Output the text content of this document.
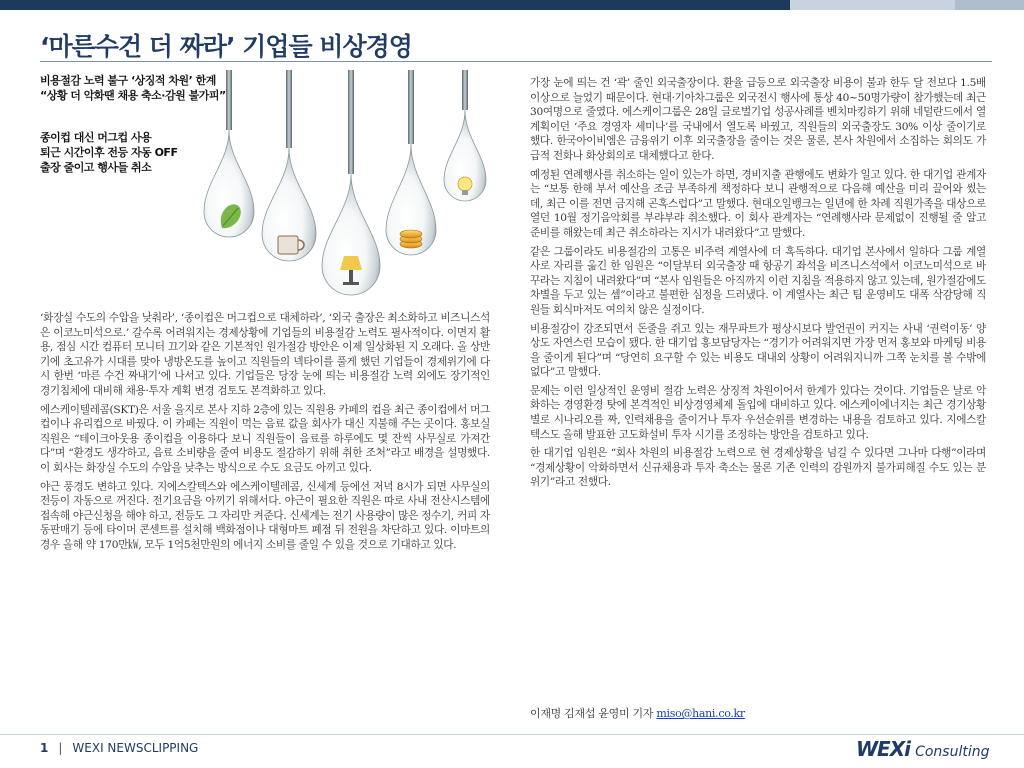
‘마른수건 더 짜라’ 기업들 비상경영
비용절감 노력 불구 ‘상징적 차원’ 한계
“상황 더 악화땐 채용 축소·감원 불가피”
종이컵 대신 머그컵 사용
퇴근 시간이후 전등 자동 OFF
출장 줄이고 행사들 취소

‘화장실 수도의 수압을 낮춰라’, ‘종이컵은 머그컵으로 대체하라’, ‘외국 출장은 최소화하고 비즈니스석은 이코노미석으로.’ 갈수록 어려워지는 경제상황에 기업들의 비용절감 노력도 필사적이다. 이면지 활용, 점심 시간 컴퓨터 모니터 끄기와 같은 기본적인 원가절감 방안은 이제 일상화된 지 오래다. 올 상반기에 초고유가 시대를 맞아 냉방온도를 높이고 직원들의 넥타이를 풀게 했던 기업들이 경제위기에 다시 한번 ‘마른 수건 짜내기’에 나서고 있다. 기업들은 당장 눈에 띄는 비용절감 노력 외에도 장기적인 경기침체에 대비해 채용·투자 계획 변경 검토도 본격화하고 있다.

에스케이텔레콤(SKT)은 서울 을지로 본사 지하 2층에 있는 직원용 카페의 컵을 최근 종이컵에서 머그컵이나 유리컵으로 바꿨다. 이 카페는 직원이 먹는 음료 값을 회사가 대신 지불해 주는 곳이다. 홍보실 직원은 “테이크아웃용 종이컵을 이용하다 보니 직원들이 음료를 하루에도 몇 잔씩 사무실로 가져간다”며 “환경도 생각하고, 음료 소비량을 줄여 비용도 절감하기 위해 취한 조처”라고 배경을 설명했다. 이 회사는 화장실 수도의 수압을 낮추는 방식으로 수도 요금도 아끼고 있다.

야근 풍경도 변하고 있다. 지에스칼텍스와 에스케이텔레콤, 신세계 등에선 저녁 8시가 되면 사무실의 전등이 자동으로 꺼진다. 전기요금을 아끼기 위해서다. 야근이 필요한 직원은 따로 사내 전산시스템에 접속해 야근신청을 해야 하고, 전등도 그 자리만 켜준다. 신세계는 전기 사용량이 많은 정수기, 커피 자동판매기 등에 타이머 콘센트를 설치해 백화점이나 대형마트 폐점 뒤 전원을 차단하고 있다. 이마트의 경우 올해 약 170만㎾, 모두 1억5천만원의 에너지 소비를 줄일 수 있을 것으로 기대하고 있다.

가장 눈에 띄는 건 ‘곽’ 줄인 외국출장이다. 환율 급등으로 외국출장 비용이 불과 한두 달 전보다 1.5배 이상으로 늘었기 때문이다. 현대·기아차그룹은 외국전시 행사에 통상 40~50명가량이 참가했는데 최근 30여명으로 줄였다. 에스케이그룹은 28일 글로벌기업 성공사례를 벤치마킹하기 위해 네덜란드에서 열 계획이던 ‘주요 경영자 세미나’를 국내에서 열도록 바꿨고, 직원들의 외국출장도 30% 이상 줄이기로 했다. 한국아이비엠은 금융위기 이후 외국출장을 줄이는 것은 물론, 본사 차원에서 소집하는 회의도 가급적 전화나 화상회의로 대체했다고 한다.

예정된 연례행사를 취소하는 일이 있는가 하면, 경비지출 관행에도 변화가 일고 있다. 한 대기업 관계자는 “보통 한해 부서 예산을 조금 부족하게 책정하다 보니 관행적으로 다음해 예산을 미리 끌어와 썼는데, 최근 이를 전면 금지해 곤혹스럽다”고 말했다. 현대오일뱅크는 일년에 한 차례 직원가족을 대상으로 열던 10월 정기음악회를 부랴부랴 취소했다. 이 회사 관계자는 “연례행사라 문제없이 진행될 줄 알고 준비를 해왔는데 최근 취소하라는 지시가 내려왔다”고 말했다.

같은 그룹이라도 비용절감의 고통은 비주력 계열사에 더 혹독하다. 대기업 본사에서 일하다 그룹 계열사로 자리를 옮긴 한 임원은 “이달부터 외국출장 때 항공기 좌석을 비즈니스석에서 이코노미석으로 바꾸라는 지침이 내려왔다”며 “본사 임원들은 아직까지 이런 지침을 적용하지 않고 있는데, 원가절감에도 차별을 두고 있는 셈”이라고 불편한 심정을 드러냈다. 이 계열사는 최근 팀 운영비도 대폭 삭감당해 직원들 회식마저도 여의치 않은 실정이다.

비용절감이 강조되면서 돈줄을 쥐고 있는 재무파트가 평상시보다 발언권이 커지는 사내 ‘권력이동’ 양상도 자연스런 모습이 됐다. 한 대기업 홍보담당자는 “경기가 어려워지면 가장 먼저 홍보와 마케팅 비용을 줄이게 된다”며 “당연히 요구할 수 있는 비용도 대내외 상황이 어려워지니까 그쪽 눈치를 볼 수밖에 없다”고 말했다.

문제는 이런 일상적인 운영비 절감 노력은 상징적 차원이어서 한계가 있다는 것이다. 기업들은 날로 악화하는 경영환경 탓에 본격적인 비상경영체제 돌입에 대비하고 있다. 에스케이에너지는 최근 경기상황별로 시나리오를 짜, 인력채용을 줄이거나 투자 우선순위를 변경하는 내용을 검토하고 있다. 지에스칼텍스도 올해 발표한 고도화설비 투자 시기를 조정하는 방안을 검토하고 있다.

한 대기업 임원은 “회사 차원의 비용절감 노력으로 현 경제상황을 넘길 수 있다면 그나마 다행”이라며 “경제상황이 악화하면서 신규채용과 투자 축소는 물론 기존 인력의 감원까지 불가피해질 수도 있는 분위기”라고 전했다.

이재명 김재섭 윤영미 기자 miso@hani.co.kr
1 | WEXI NEWSCLIPPING	WEXi Consulting
